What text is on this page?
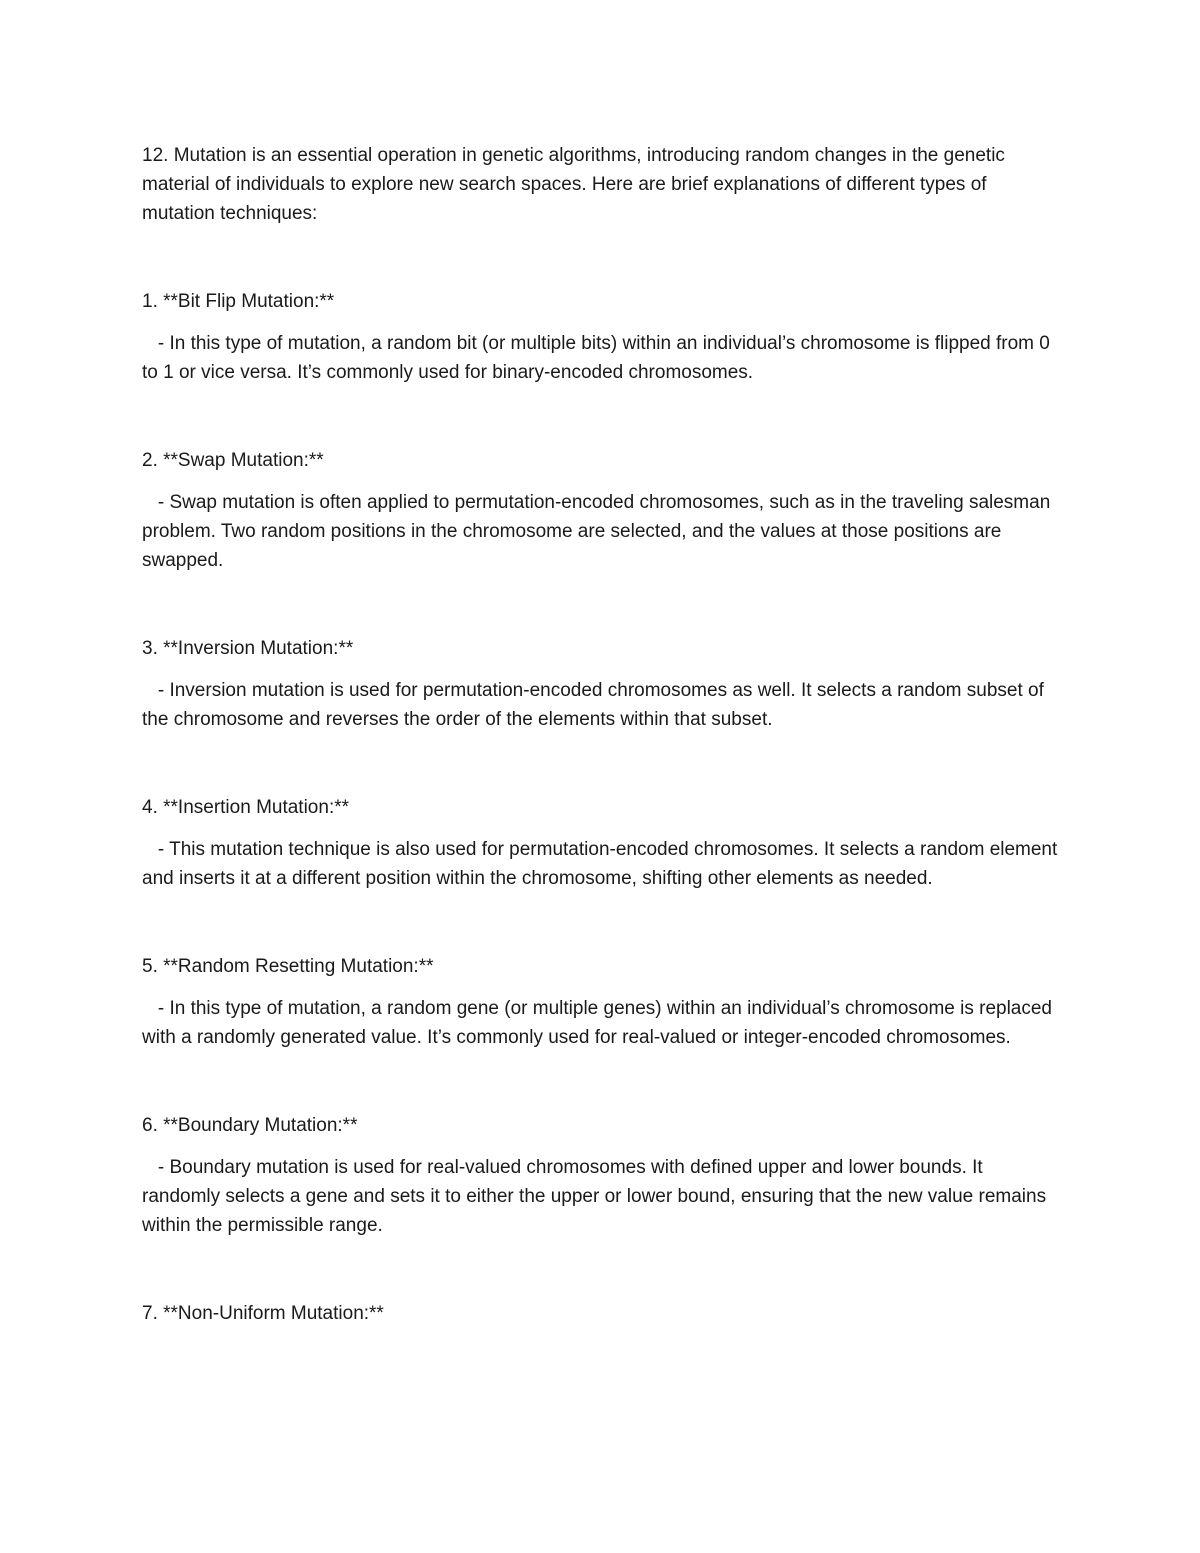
12. Mutation is an essential operation in genetic algorithms, introducing random changes in the genetic material of individuals to explore new search spaces. Here are brief explanations of different types of mutation techniques:

1. **Bit Flip Mutation:**

- In this type of mutation, a random bit (or multiple bits) within an individual’s chromosome is flipped from 0 to 1 or vice versa. It’s commonly used for binary-encoded chromosomes.

2. **Swap Mutation:**

- Swap mutation is often applied to permutation-encoded chromosomes, such as in the traveling salesman problem. Two random positions in the chromosome are selected, and the values at those positions are swapped.

3. **Inversion Mutation:**

- Inversion mutation is used for permutation-encoded chromosomes as well. It selects a random subset of the chromosome and reverses the order of the elements within that subset.

4. **Insertion Mutation:**

- This mutation technique is also used for permutation-encoded chromosomes. It selects a random element and inserts it at a different position within the chromosome, shifting other elements as needed.

5. **Random Resetting Mutation:**

- In this type of mutation, a random gene (or multiple genes) within an individual’s chromosome is replaced with a randomly generated value. It’s commonly used for real-valued or integer-encoded chromosomes.

6. **Boundary Mutation:**

- Boundary mutation is used for real-valued chromosomes with defined upper and lower bounds. It randomly selects a gene and sets it to either the upper or lower bound, ensuring that the new value remains within the permissible range.

7. **Non-Uniform Mutation:**
